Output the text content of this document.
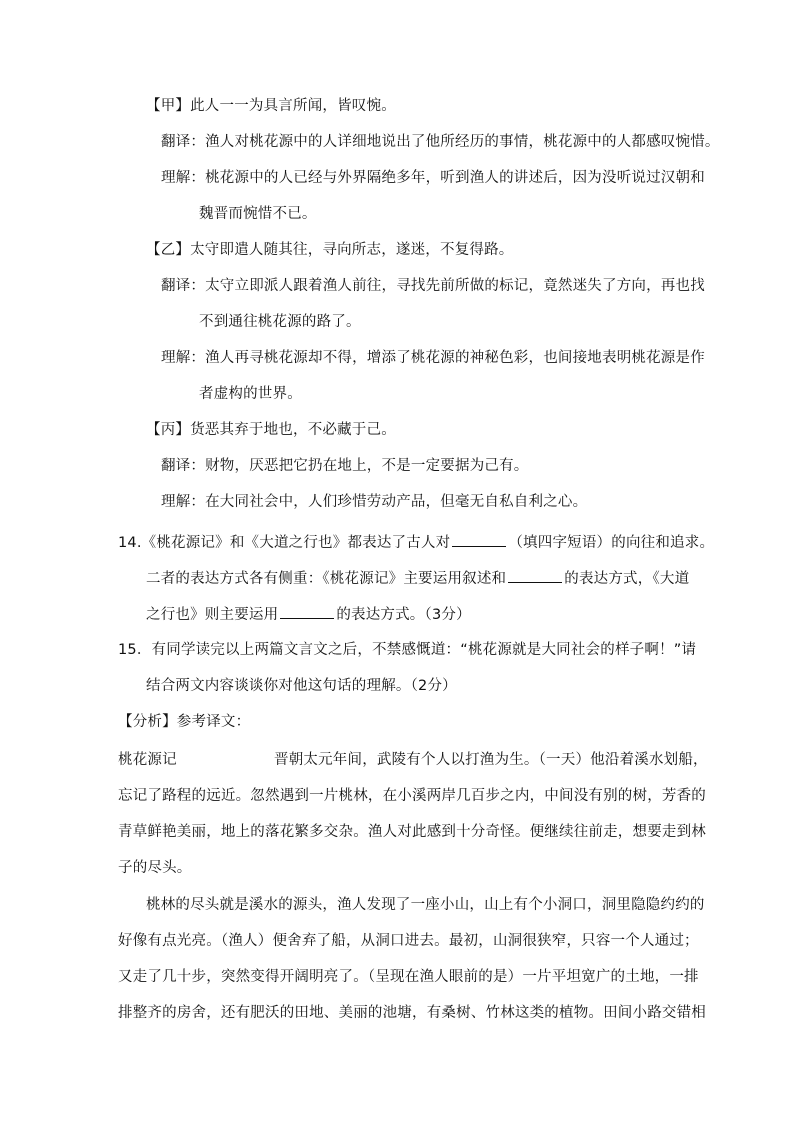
【甲】此人一一为具言所闻，皆叹惋。
翻译：渔人对桃花源中的人详细地说出了他所经历的事情，桃花源中的人都感叹惋惜。
理解：桃花源中的人已经与外界隔绝多年，听到渔人的讲述后，因为没听说过汉朝和
魏晋而惋惜不已。
【乙】太守即遣人随其往，寻向所志，遂迷，不复得路。
翻译：太守立即派人跟着渔人前往，寻找先前所做的标记，竟然迷失了方向，再也找
不到通往桃花源的路了。
理解：渔人再寻桃花源却不得，增添了桃花源的神秘色彩，也间接地表明桃花源是作
者虚构的世界。
【丙】货恶其弃于地也，不必藏于己。
翻译：财物，厌恶把它扔在地上，不是一定要据为己有。
理解：在大同社会中，人们珍惜劳动产品，但毫无自私自利之心。
14.《桃花源记》和《大道之行也》都表达了古人对	（填四字短语）的向往和追求。
二者的表达方式各有侧重：《桃花源记》主要运用叙述和	的表达方式，《大道
之行也》则主要运用	的表达方式。（3分）
15．有同学读完以上两篇文言文之后，不禁感慨道：“桃花源就是大同社会的样子啊！”请
结合两文内容谈谈你对他这句话的理解。（2分）
【分析】参考译文：
桃花源记	晋朝太元年间，武陵有个人以打渔为生。（一天）他沿着溪水划船，
忘记了路程的远近。忽然遇到一片桃林，在小溪两岸几百步之内，中间没有别的树，芳香的
青草鲜艳美丽，地上的落花繁多交杂。渔人对此感到十分奇怪。便继续往前走，想要走到林
子的尽头。
桃林的尽头就是溪水的源头，渔人发现了一座小山，山上有个小洞口，洞里隐隐约约的
好像有点光亮。（渔人）便舍弃了船，从洞口进去。最初，山洞很狭窄，只容一个人通过；
又走了几十步，突然变得开阔明亮了。（呈现在渔人眼前的是）一片平坦宽广的土地，一排
排整齐的房舍，还有肥沃的田地、美丽的池塘，有桑树、竹林这类的植物。田间小路交错相
